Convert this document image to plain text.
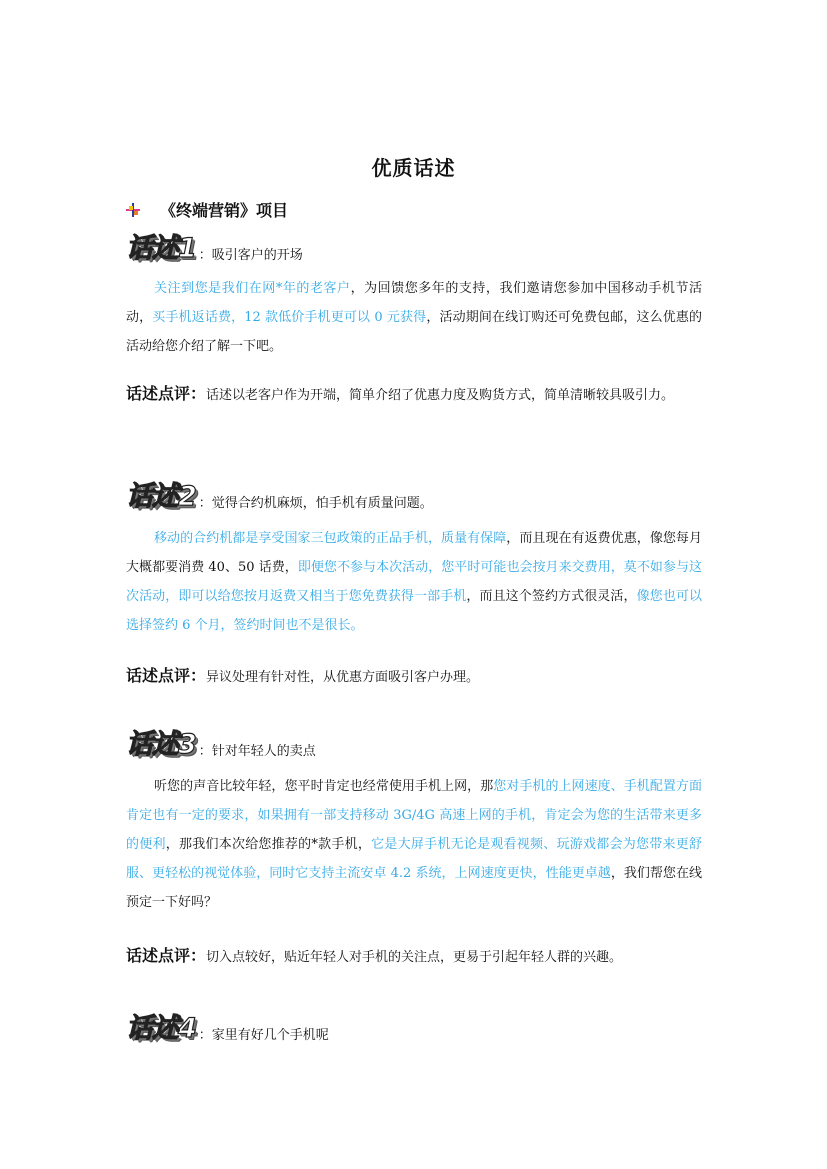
优质话述
《终端营销》项目
话述1 ：吸引客户的开场

关注到您是我们在网*年的老客户，为回馈您多年的支持，我们邀请您参加中国移动手机节活动，买手机返话费，12 款低价手机更可以 0 元获得，活动期间在线订购还可免费包邮，这么优惠的活动给您介绍了解一下吧。

话述点评：话述以老客户作为开端，简单介绍了优惠力度及购货方式，简单清晰较具吸引力。

话述2 ：觉得合约机麻烦，怕手机有质量问题。

移动的合约机都是享受国家三包政策的正品手机，质量有保障，而且现在有返费优惠，像您每月大概都要消费 40、50 话费，即便您不参与本次活动，您平时可能也会按月来交费用，莫不如参与这次活动，即可以给您按月返费又相当于您免费获得一部手机，而且这个签约方式很灵活，像您也可以选择签约 6 个月，签约时间也不是很长。

话述点评：异议处理有针对性，从优惠方面吸引客户办理。

话述3 ：针对年轻人的卖点

听您的声音比较年轻，您平时肯定也经常使用手机上网，那您对手机的上网速度、手机配置方面肯定也有一定的要求，如果拥有一部支持移动 3G/4G 高速上网的手机，肯定会为您的生活带来更多的便利，那我们本次给您推荐的*款手机，它是大屏手机无论是观看视频、玩游戏都会为您带来更舒服、更轻松的视觉体验，同时它支持主流安卓 4.2 系统，上网速度更快，性能更卓越，我们帮您在线预定一下好吗？

话述点评：切入点较好，贴近年轻人对手机的关注点，更易于引起年轻人群的兴趣。

话述4 ：家里有好几个手机呢
